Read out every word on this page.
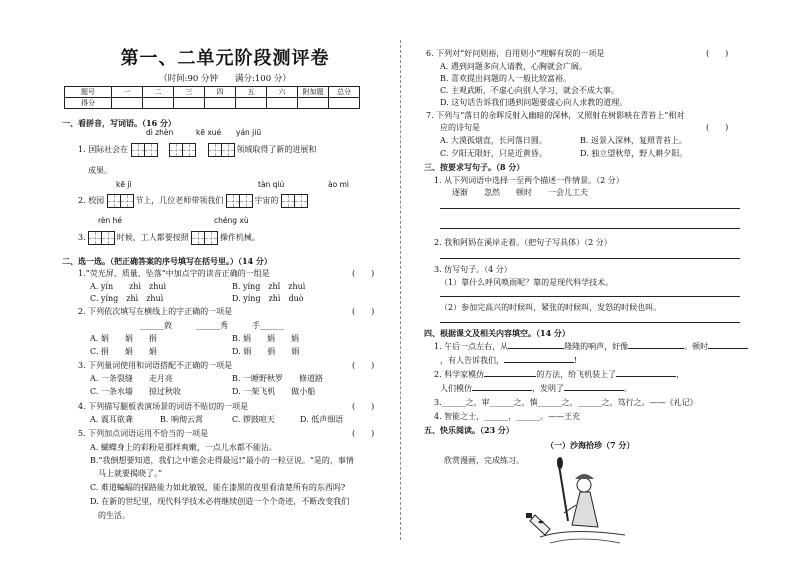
第一、二单元阶段测评卷
（时间:90 分钟　　满分:100 分）
题号	一	二	三	四	五	六	附加题	总分
得分								
一、看拼音，写词语。（16 分）
dì zhèn	kē xué yán jiū
1. 国际社会在	领域取得了新的进展和
成果。
kē jì	tàn qiú	ào mì
2. 校园	节上，几位老师带领我们	宇宙的
rèn hé	chéng xù
3.	时候，工人都要按照	操作机械。
二、选一选。（把正确答案的序号填写在括号里。）（14 分）
1.“荧光屏、质量、坠落”中加点字的读音正确的一组是	(　　)
A. yín　　zhì　zhuì	B. yíng　zhǐ　zhuì
C. yíng　zhì　zhuì	D. yíng　zhì　duò
2. 下列依次填写在横线上的字正确的一项是	(　　)
______敦　　　______秀　　　手______
A. 娟　　娟　　捐	B. 娟　　娟　　娟
C. 捐　　娟　　娟	D. 娟　　捐　　娟
3. 下列量词使用和词语搭配不正确的一项是	(　　)
A. 一条裂缝　　走月亮	B. 一睡野秋罗　　修道路
C. 一条水墙　　掠过秋收	D. 一架飞机　　做小船
4. 下列描写腿板表演场景的词语不贴切的一项是	(　　)
A. 震耳欲聋	B. 响彻云霄	C. 锣鼓喧天	D. 低声细语
5. 下列加点词语运用不恰当的一项是	(　　)
A. 蝴蝶身上的彩粉是那样爽嫩，一点儿水都不能沾。
B.“我倒想要知道，我们之中谁会走得最远!”最小的一粒豆说。“是的，事情
马上就要揭晓了。”
C. 难道蝙蝠的探路能力如此敏锐，能在漆黑的夜里看清楚所有的东西吗?
D. 在新的世纪里，现代科学技术必将继续创造一个个奇迹，不断改变我们
的生活。
6. 下列对“好问则裕，自用则小”理解有误的一项是	(　　)
A. 遇到问题多向人请教，心胸就会广阔。
B. 喜欢提出问题的人一般比较富裕。
C. 主观武断，不虚心向别人学习，就会不成大事。
D. 这句话告诉我们遇到问题要虚心向人求教的道理。
7. 下列与“落日的余晖反射入幽暗的深林，又照射在树影映在青苔上”相对
应的诗句是	(　　)
A. 大漠孤烟直，长河落日圆。	B. 返景入深林，复照青苔上。
C. 夕阳无限好，只是近黄昏。	D. 独立望秋草，野人耕夕阳。
三、按要求写句子。（8 分）
1. 从下列词语中选择一至两个描述一件情景。（2 分）
逐渐　　忽然　　顿时　　一会儿工夫
2. 我和阿妈在溪岸走着。（把句子写具体）（2 分）
3. 仿写句子。（4 分）
（1）靠什么呼风唤雨呢？靠的是现代科学技术。
（2）参加完高兴的时候叫，紧张的时候叫，发怒的时候也叫。
四、根据课文及相关内容填空。（14 分）
1. 午后一点左右，从	隆隆的响声，好像	。顿时
，有人告诉我们，	!
2. 科学家模仿	的方法，给飞机装上了	，
人们模仿	，发明了	。
3.______之，审______之，慎______之，______之，笃行之。——《礼记》
4. 智能之士，______，______。——王充
五、快乐阅读。（23 分）
（一）沙海拾珍（7 分）
欣赏漫画，完成练习。
